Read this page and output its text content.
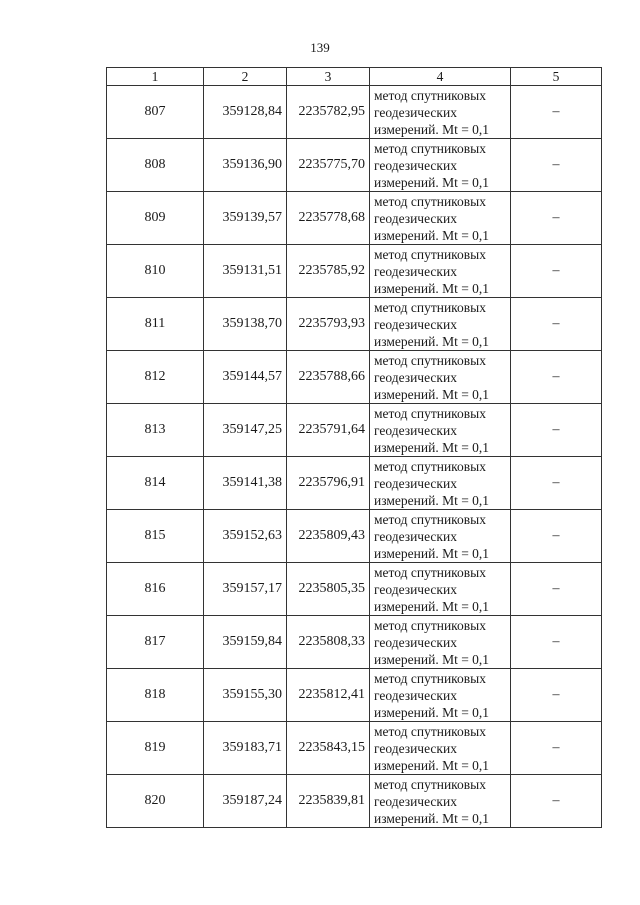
139
1	2	3	4	5
807	359128,84	2235782,95	метод спутниковых
геодезических
измерений. Mt = 0,1	–
808	359136,90	2235775,70	метод спутниковых
геодезических
измерений. Mt = 0,1	–
809	359139,57	2235778,68	метод спутниковых
геодезических
измерений. Mt = 0,1	–
810	359131,51	2235785,92	метод спутниковых
геодезических
измерений. Mt = 0,1	–
811	359138,70	2235793,93	метод спутниковых
геодезических
измерений. Mt = 0,1	–
812	359144,57	2235788,66	метод спутниковых
геодезических
измерений. Mt = 0,1	–
813	359147,25	2235791,64	метод спутниковых
геодезических
измерений. Mt = 0,1	–
814	359141,38	2235796,91	метод спутниковых
геодезических
измерений. Mt = 0,1	–
815	359152,63	2235809,43	метод спутниковых
геодезических
измерений. Mt = 0,1	–
816	359157,17	2235805,35	метод спутниковых
геодезических
измерений. Mt = 0,1	–
817	359159,84	2235808,33	метод спутниковых
геодезических
измерений. Mt = 0,1	–
818	359155,30	2235812,41	метод спутниковых
геодезических
измерений. Mt = 0,1	–
819	359183,71	2235843,15	метод спутниковых
геодезических
измерений. Mt = 0,1	–
820	359187,24	2235839,81	метод спутниковых
геодезических
измерений. Mt = 0,1	–
